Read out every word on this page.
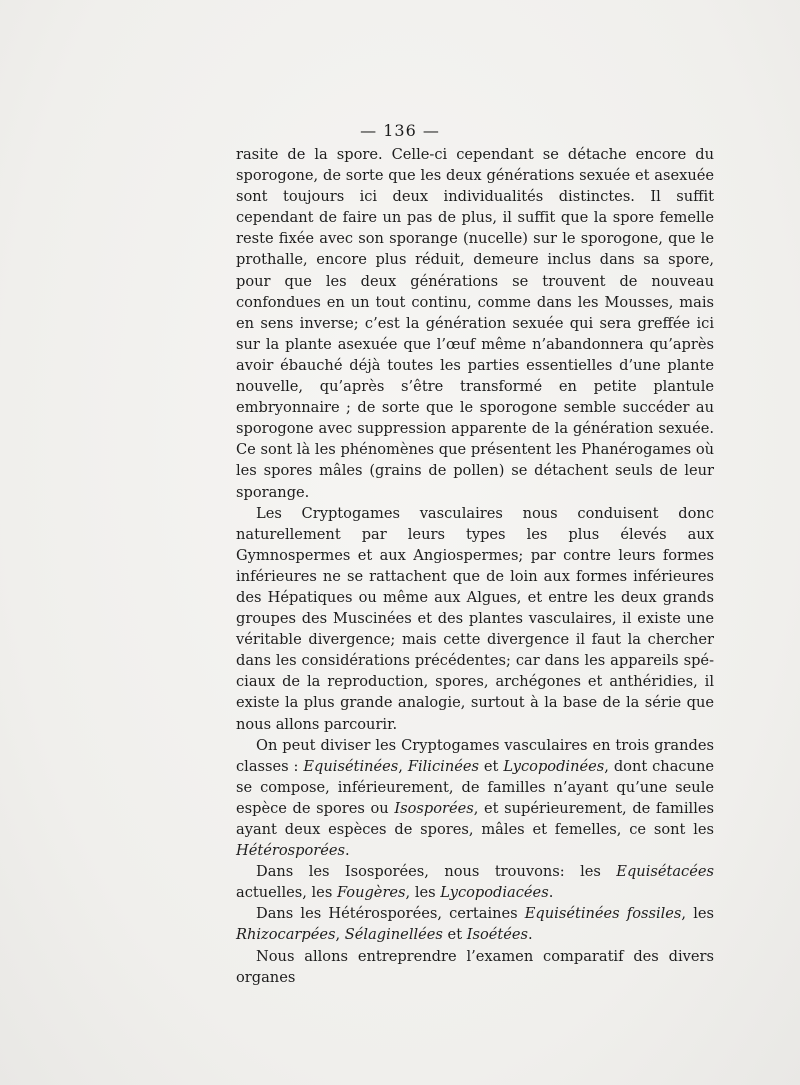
— 136 —

rasite de la spore. Celle-ci cependant se détache encore du sporogone, de sorte que les deux générations sexuée et asexuée sont toujours ici deux individualités distinctes. Il suffit cependant de faire un pas de plus, il suffit que la spore femelle reste fixée avec son sporange (nucelle) sur le sporogone, que le prothalle, encore plus réduit, demeure inclus dans sa spore, pour que les deux générations se trouvent de nouveau confondues en un tout continu, comme dans les Mousses, mais en sens inverse; c’est la génération sexuée qui sera greffée ici sur la plante asexuée que l’œuf même n’abandonnera qu’après avoir ébauché déjà toutes les parties essentielles d’une plante nouvelle, qu’après s’être transformé en petite plantule embryonnaire ; de sorte que le sporogone semble succéder au sporogone avec suppression apparente de la génération sexuée. Ce sont là les phénomènes que présentent les Phanérogames où les spores mâles (grains de pollen) se détachent seuls de leur sporange.

Les Cryptogames vasculaires nous conduisent donc naturellement par leurs types les plus élevés aux Gymnospermes et aux Angiospermes; par contre leurs formes inférieures ne se rattachent que de loin aux formes inférieures des Hépatiques ou même aux Algues, et entre les deux grands groupes des Muscinées et des plantes vasculaires, il existe une véritable divergence; mais cette divergence il faut la chercher dans les considérations précédentes; car dans les appareils spéciaux de la reproduction, spores, archégones et anthéridies, il existe la plus grande analogie, surtout à la base de la série que nous allons parcourir.

On peut diviser les Cryptogames vasculaires en trois grandes classes : Equisétinées, Filicinées et Lycopodinées, dont chacune se compose, inférieurement, de familles n’ayant qu’une seule espèce de spores ou Isosporées, et supérieurement, de familles ayant deux espèces de spores, mâles et femelles, ce sont les Hétérosporées.

Dans les Isosporées, nous trouvons: les Equisétacées actuelles, les Fougères, les Lycopodiacées.

Dans les Hétérosporées, certaines Equisétinées fossiles, les Rhizocarpées, Sélaginellées et Isoétées.

Nous allons entreprendre l’examen comparatif des divers organes
